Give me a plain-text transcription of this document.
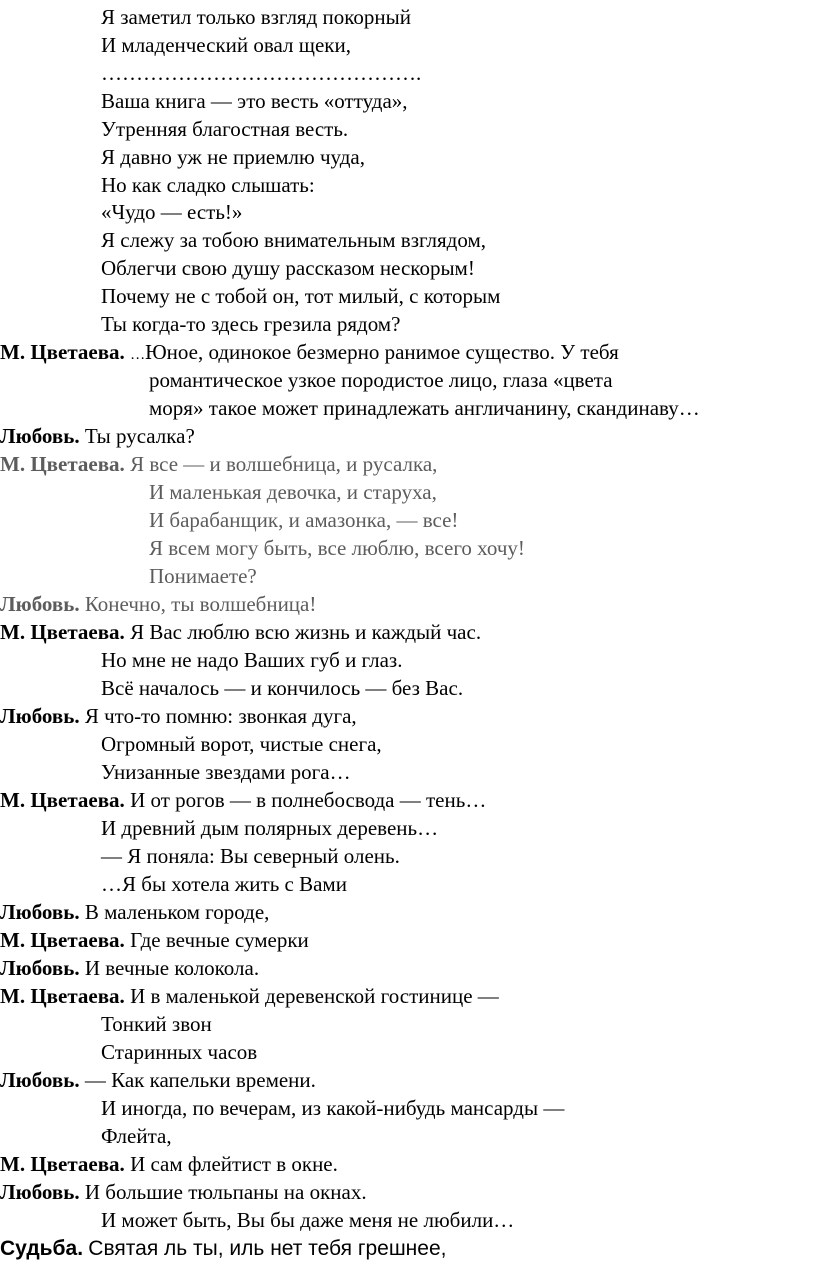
Я заметил только взгляд покорный
И младенческий овал щеки,
……………………………………….
Ваша книга — это весть «оттуда»,
Утренняя благостная весть.
Я давно уж не приемлю чуда,
Но как сладко слышать:
«Чудо — есть!»
Я слежу за тобою внимательным взглядом,
Облегчи свою душу рассказом нескорым!
Почему не с тобой он, тот милый, с которым
Ты когда-то здесь грезила рядом?
М. Цветаева. …Юное, одинокое безмерно ранимое существо. У тебя
романтическое узкое породистое лицо, глаза «цвета
моря» такое может принадлежать англичанину, скандинаву…
Любовь. Ты русалка?
М. Цветаева. Я все — и волшебница, и русалка,
И маленькая девочка, и старуха,
И барабанщик, и амазонка, — все!
Я всем могу быть, все люблю, всего хочу!
Понимаете?
Любовь. Конечно, ты волшебница!
М. Цветаева. Я Вас люблю всю жизнь и каждый час.
Но мне не надо Ваших губ и глаз.
Всё началось — и кончилось — без Вас.
Любовь. Я что-то помню: звонкая дуга,
Огромный ворот, чистые снега,
Унизанные звездами рога…
М. Цветаева. И от рогов — в полнебосвода — тень…
И древний дым полярных деревень…
— Я поняла: Вы северный олень.
…Я бы хотела жить с Вами
Любовь. В маленьком городе,
М. Цветаева. Где вечные сумерки
Любовь. И вечные колокола.
М. Цветаева. И в маленькой деревенской гостинице —
Тонкий звон
Старинных часов
Любовь. — Как капельки времени.
И иногда, по вечерам, из какой-нибудь мансарды —
Флейта,
М. Цветаева. И сам флейтист в окне.
Любовь. И большие тюльпаны на окнах.
И может быть, Вы бы даже меня не любили…
Судьба. Святая ль ты, иль нет тебя грешнее,
